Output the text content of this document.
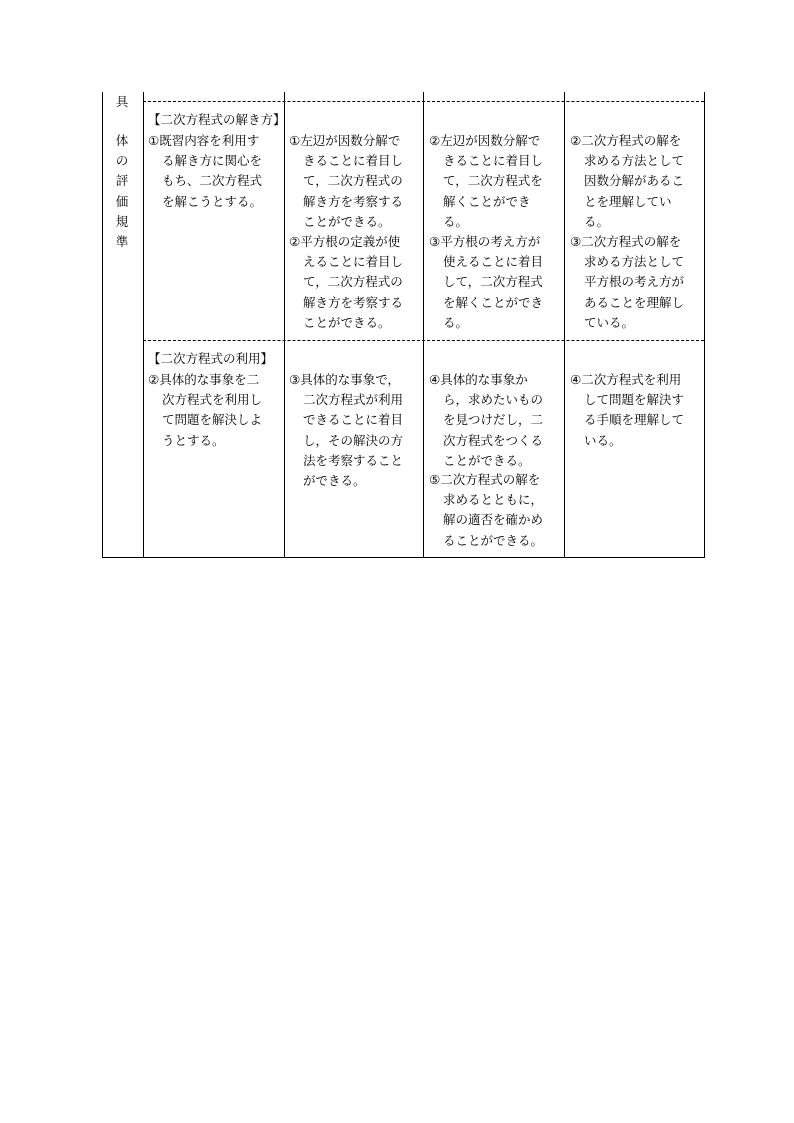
具
体
の
評
価
規
準
【二次方程式の解き方】
①既習内容を利用す
る解き方に関心を
もち、二次方程式
を解こうとする。
①左辺が因数分解で
きることに着目し
て，二次方程式の
解き方を考察する
ことができる。
②平方根の定義が使
えることに着目し
て，二次方程式の
解き方を考察する
ことができる。
②左辺が因数分解で
きることに着目し
て，二次方程式を
解くことができ
る。
③平方根の考え方が
使えることに着目
して，二次方程式
を解くことができ
る。
②二次方程式の解を
求める方法として
因数分解があるこ
とを理解してい
る。
③二次方程式の解を
求める方法として
平方根の考え方が
あることを理解し
ている。
【二次方程式の利用】
②具体的な事象を二
次方程式を利用し
て問題を解決しよ
うとする。
③具体的な事象で，
二次方程式が利用
できることに着目
し，その解決の方
法を考察すること
ができる。
④具体的な事象か
ら，求めたいもの
を見つけだし，二
次方程式をつくる
ことができる。
⑤二次方程式の解を
求めるとともに，
解の適否を確かめ
ることができる。
④二次方程式を利用
して問題を解決す
る手順を理解して
いる。
